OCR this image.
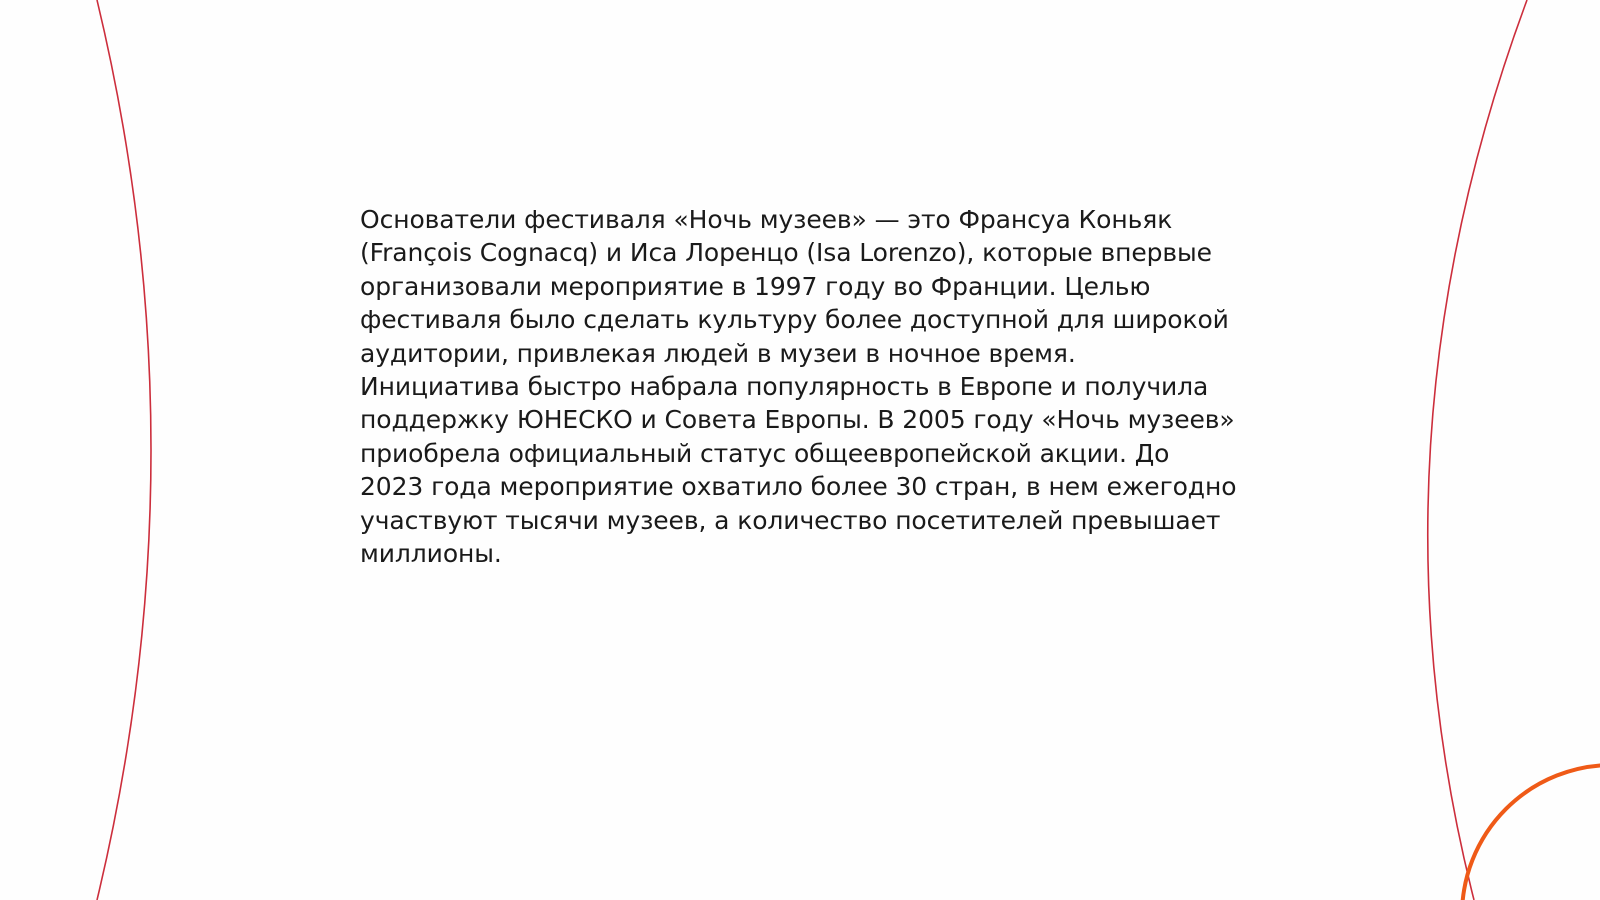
Основатели фестиваля «Ночь музеев» — это Франсуа Коньяк (François Cognacq) и Иса Лоренцо (Isa Lorenzo), которые впервые организовали мероприятие в 1997 году во Франции. Целью фестиваля было сделать культуру более доступной для широкой аудитории, привлекая людей в музеи в ночное время. Инициатива быстро набрала популярность в Европе и получила поддержку ЮНЕСКО и Совета Европы. В 2005 году «Ночь музеев» приобрела официальный статус общеевропейской акции. До 2023 года мероприятие охватило более 30 стран, в нем ежегодно участвуют тысячи музеев, а количество посетителей превышает миллионы.
